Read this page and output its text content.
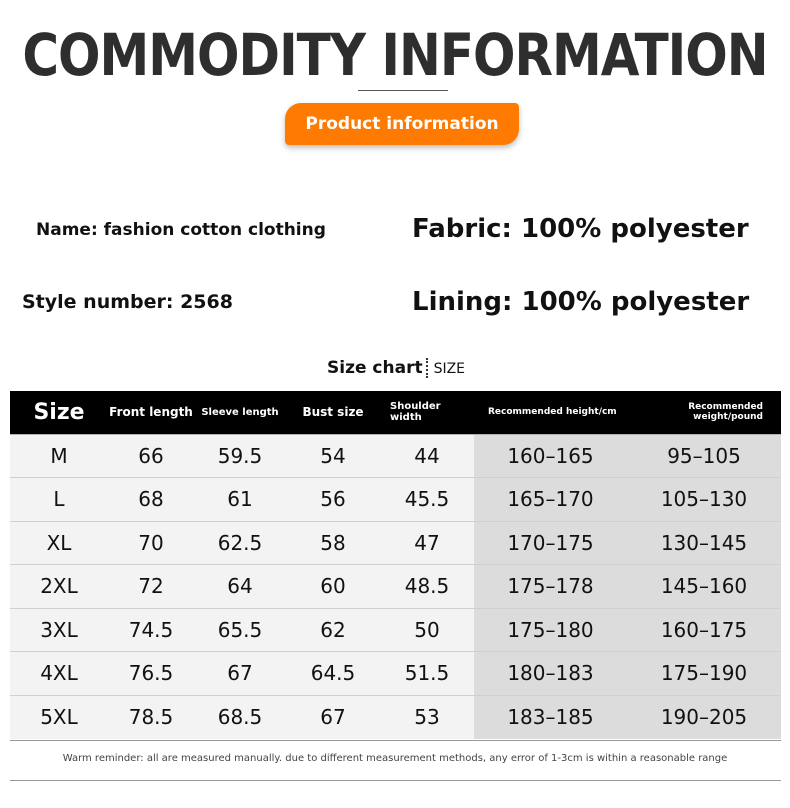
COMMODITY INFORMATION
Product information
Name: fashion cotton clothing	Fabric: 100% polyester
Style number: 2568	Lining: 100% polyester
Size chart SIZE
Size	Front length	Sleeve length	Bust size	Shoulder width	Recommended height/cm	Recommended weight/pound
M	66	59.5	54	44	160–165	95–105
L	68	61	56	45.5	165–170	105–130
XL	70	62.5	58	47	170–175	130–145
2XL	72	64	60	48.5	175–178	145–160
3XL	74.5	65.5	62	50	175–180	160–175
4XL	76.5	67	64.5	51.5	180–183	175–190
5XL	78.5	68.5	67	53	183–185	190–205
Warm reminder: all are measured manually. due to different measurement methods, any error of 1-3cm is within a reasonable range
